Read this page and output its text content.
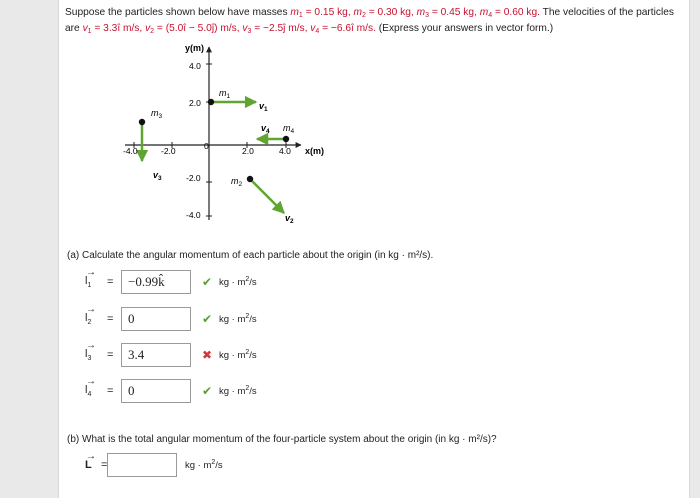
Suppose the particles shown below have masses $m_1 = 0.15$ kg, $m_2 = 0.30$ kg, $m_3 = 0.45$ kg, $m_4 = 0.60$ kg. The velocities of the particles are $v_1$ = 3.3î m/s, $v_2$ = (5.0î − 5.0ĵ) m/s, $v_3$ = −2.5ĵ m/s, $v_4$ = −6.6î m/s. (Express your answers in vector form.)
y(m)
x(m)
4.0
2.0
-2.0
-4.0
-4.0	-2.0	0	2.0	4.0
$m_1$
$m_2$
$m_3$
$m_4$
$v_1$
$v_2$
$v_3$
$v_4$
(a) Calculate the angular momentum of each particle about the origin (in kg · m²/s).
→
$l_1$	=
−0.99k̂	✔ kg · $m^2/s$
→
$l_2$	=
0	✔ kg · $m^2/s$
→
$l_3$	=
3.4	✖ kg · $m^2/s$
→
$l_4$	=
0	✔ kg · $m^2/s$
(b) What is the total angular momentum of the four-particle system about the origin (in kg · m²/s)?
→
L =	kg · $m^2/s$
